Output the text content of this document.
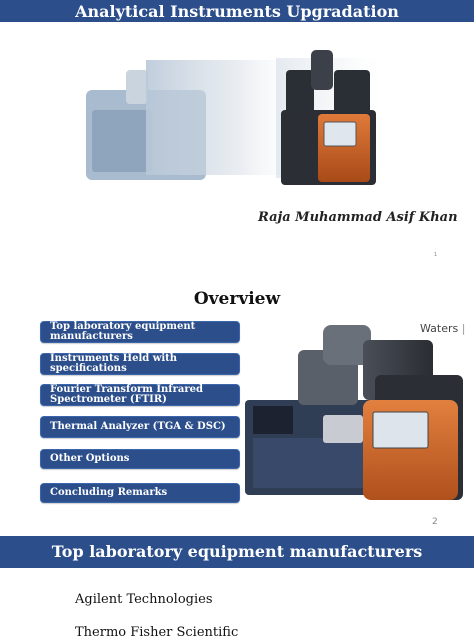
Analytical Instruments Upgradation
Raja Muhammad Asif Khan
1
Overview
Top laboratory equipment manufacturers
Instruments Held with specifications
Fourier Transform Infrared Spectrometer (FTIR)
Thermal Analyzer (TGA & DSC)
Other Options
Concluding Remarks
Waters |
2
Top laboratory equipment manufacturers
Agilent Technologies
Thermo Fisher Scientific
